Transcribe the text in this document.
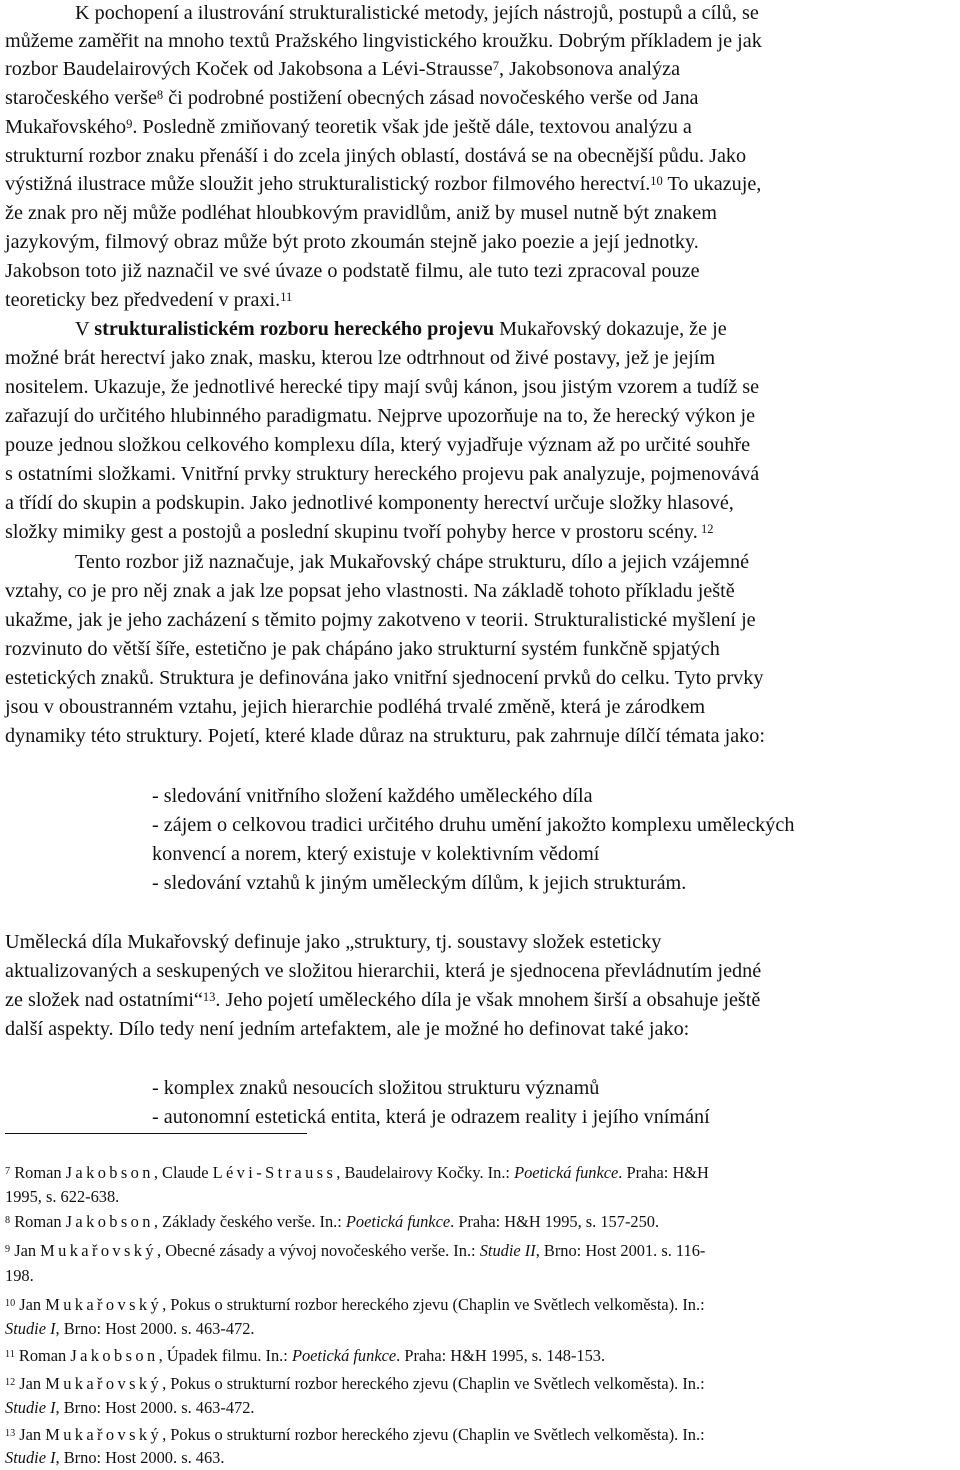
K pochopení a ilustrování strukturalistické metody, jejích nástrojů, postupů a cílů, se
můžeme zaměřit na mnoho textů Pražského lingvistického kroužku. Dobrým příkladem je jak
rozbor Baudelairových Koček od Jakobsona a Lévi-Strausse$^7$, Jakobsonova analýza
staročeského verše$^8$ či podrobné postižení obecných zásad novočeského verše od Jana
Mukařovského$^9$. Posledně zmiňovaný teoretik však jde ještě dále, textovou analýzu a
strukturní rozbor znaku přenáší i do zcela jiných oblastí, dostává se na obecnější půdu. Jako
výstižná ilustrace může sloužit jeho strukturalistický rozbor filmového herectví.$^{10}$ To ukazuje,
že znak pro něj může podléhat hloubkovým pravidlům, aniž by musel nutně být znakem
jazykovým, filmový obraz může být proto zkoumán stejně jako poezie a její jednotky.
Jakobson toto již naznačil ve své úvaze o podstatě filmu, ale tuto tezi zpracoval pouze
teoreticky bez předvedení v praxi.$^{11}$
V strukturalistickém rozboru hereckého projevu Mukařovský dokazuje, že je
možné brát herectví jako znak, masku, kterou lze odtrhnout od živé postavy, jež je jejím
nositelem. Ukazuje, že jednotlivé herecké tipy mají svůj kánon, jsou jistým vzorem a tudíž se
zařazují do určitého hlubinného paradigmatu. Nejprve upozorňuje na to, že herecký výkon je
pouze jednou složkou celkového komplexu díla, který vyjadřuje význam až po určité souhře
s ostatními složkami. Vnitřní prvky struktury hereckého projevu pak analyzuje, pojmenovává
a třídí do skupin a podskupin. Jako jednotlivé komponenty herectví určuje složky hlasové,
složky mimiky gest a postojů a poslední skupinu tvoří pohyby herce v prostoru scény. $^{12}$
Tento rozbor již naznačuje, jak Mukařovský chápe strukturu, dílo a jejich vzájemné
vztahy, co je pro něj znak a jak lze popsat jeho vlastnosti. Na základě tohoto příkladu ještě
ukažme, jak je jeho zacházení s těmito pojmy zakotveno v teorii. Strukturalistické myšlení je
rozvinuto do větší šíře, estetično je pak chápáno jako strukturní systém funkčně spjatých
estetických znaků. Struktura je definována jako vnitřní sjednocení prvků do celku. Tyto prvky
jsou v oboustranném vztahu, jejich hierarchie podléhá trvalé změně, která je zárodkem
dynamiky této struktury. Pojetí, které klade důraz na strukturu, pak zahrnuje dílčí témata jako:
- sledování vnitřního složení každého uměleckého díla
- zájem o celkovou tradici určitého druhu umění jakožto komplexu uměleckých
konvencí a norem, který existuje v kolektivním vědomí
- sledování vztahů k jiným uměleckým dílům, k jejich strukturám.
Umělecká díla Mukařovský definuje jako „struktury, tj. soustavy složek esteticky
aktualizovaných a seskupených ve složitou hierarchii, která je sjednocena převládnutím jedné
ze složek nad ostatními“$^{13}$. Jeho pojetí uměleckého díla je však mnohem širší a obsahuje ještě
další aspekty. Dílo tedy není jedním artefaktem, ale je možné ho definovat také jako:
- komplex znaků nesoucích složitou strukturu významů
- autonomní estetická entita, která je odrazem reality i jejího vnímání
$^7$ Roman Jakobson, Claude Lévi-Strauss, Baudelairovy Kočky. In.: Poetická funkce. Praha: H&H
1995, s. 622-638.
$^8$ Roman Jakobson, Základy českého verše. In.: Poetická funkce. Praha: H&H 1995, s. 157-250.
$^9$ Jan Mukařovský, Obecné zásady a vývoj novočeského verše. In.: Studie II, Brno: Host 2001. s. 116-
198.
$^{10}$ Jan Mukařovský, Pokus o strukturní rozbor hereckého zjevu (Chaplin ve Světlech velkoměsta). In.:
Studie I, Brno: Host 2000. s. 463-472.
$^{11}$ Roman Jakobson, Úpadek filmu. In.: Poetická funkce. Praha: H&H 1995, s. 148-153.
$^{12}$ Jan Mukařovský, Pokus o strukturní rozbor hereckého zjevu (Chaplin ve Světlech velkoměsta). In.:
Studie I, Brno: Host 2000. s. 463-472.
$^{13}$ Jan Mukařovský, Pokus o strukturní rozbor hereckého zjevu (Chaplin ve Světlech velkoměsta). In.:
Studie I, Brno: Host 2000. s. 463.
